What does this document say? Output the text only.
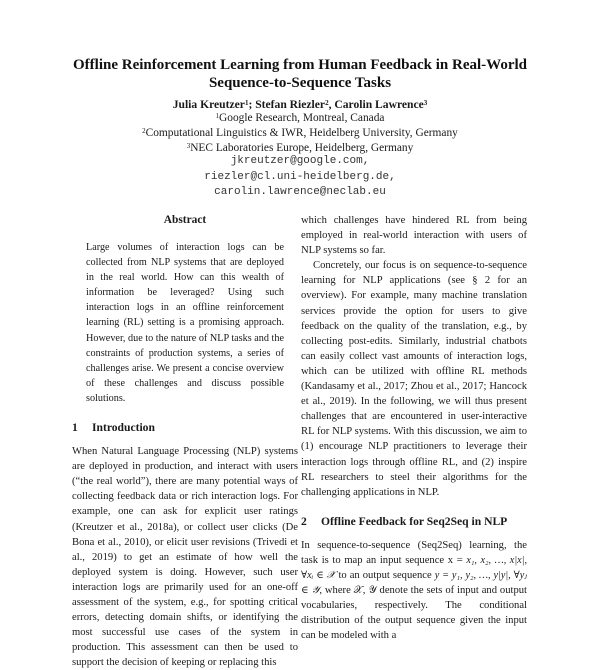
Offline Reinforcement Learning from Human Feedback in Real-World
Sequence-to-Sequence Tasks
Julia Kreutzer$^1$; Stefan Riezler$^2$, Carolin Lawrence$^3$
$^1$Google Research, Montreal, Canada
$^2$Computational Linguistics & IWR, Heidelberg University, Germany
$^3$NEC Laboratories Europe, Heidelberg, Germany
jkreutzer@google.com,
riezler@cl.uni-heidelberg.de,
carolin.lawrence@neclab.eu
Abstract

Large volumes of interaction logs can be collected from NLP systems that are deployed in the real world. How can this wealth of information be leveraged? Using such interaction logs in an offline reinforcement learning (RL) setting is a promising approach. However, due to the nature of NLP tasks and the constraints of production systems, a series of challenges arise. We present a concise overview of these challenges and discuss possible solutions.

1 Introduction

When Natural Language Processing (NLP) systems are deployed in production, and interact with users (“the real world”), there are many potential ways of collecting feedback data or rich interaction logs. For example, one can ask for explicit user ratings (Kreutzer et al., 2018a), or collect user clicks (De Bona et al., 2010), or elicit user revisions (Trivedi et al., 2019) to get an estimate of how well the deployed system is doing. However, such user interaction logs are primarily used for an one-off assessment of the system, e.g., for spotting critical errors, detecting domain shifts, or identifying the most successful use cases of the system in production. This assessment can then be used to support the decision of keeping or replacing this

which challenges have hindered RL from being employed in real-world interaction with users of NLP systems so far.

Concretely, our focus is on sequence-to-sequence learning for NLP applications (see § 2 for an overview). For example, many machine translation services provide the option for users to give feedback on the quality of the translation, e.g., by collecting post-edits. Similarly, industrial chatbots can easily collect vast amounts of interaction logs, which can be utilized with offline RL methods (Kandasamy et al., 2017; Zhou et al., 2017; Hancock et al., 2019). In the following, we will thus present challenges that are encountered in user-interactive RL for NLP systems. With this discussion, we aim to (1) encourage NLP practitioners to leverage their interaction logs through offline RL, and (2) inspire RL researchers to steel their algorithms for the challenging applications in NLP.

2 Offline Feedback for Seq2Seq in NLP

In sequence-to-sequence (Seq2Seq) learning, the task is to map an input sequence x = x₁, x₂, …, x|x|, ∀xᵢ ∈ 𝒳 to an output sequence y = y₁, y₂, …, y|y|, ∀yⱼ ∈ 𝒴, where 𝒳, 𝒴 denote the sets of input and output vocabularies, respectively. The conditional distribution of the output sequence given the input can be modeled with a
